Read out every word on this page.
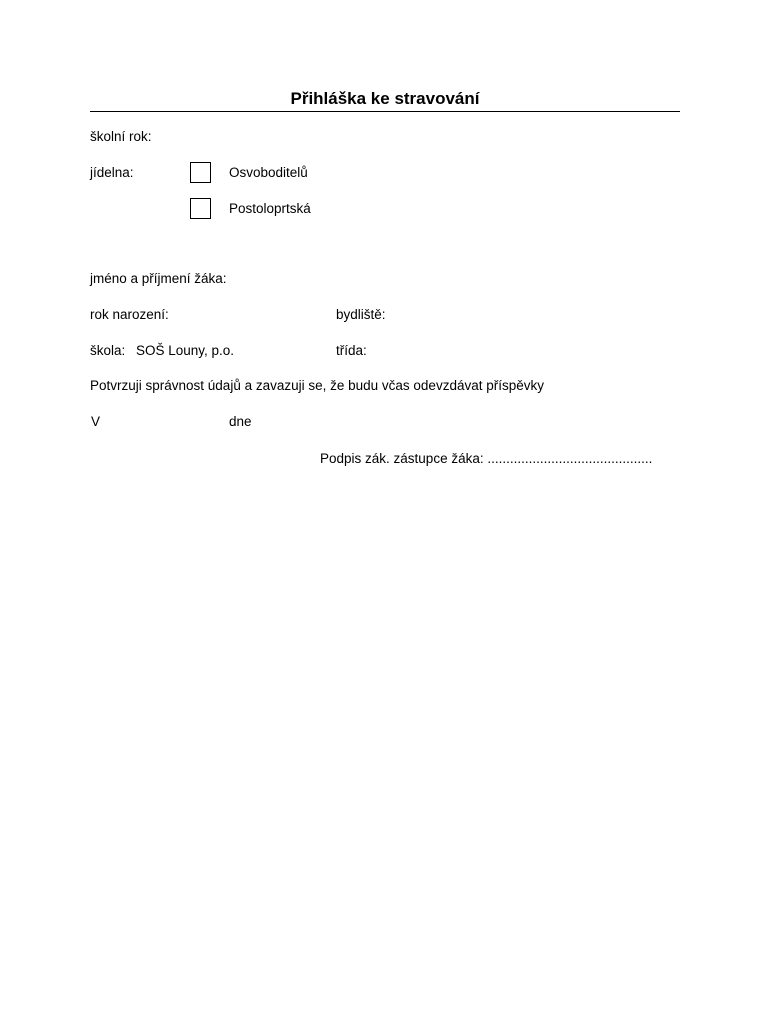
Přihláška ke stravování
školní rok:
jídelna:	Osvoboditelů
Postoloprtská
jméno a příjmení žáka:
rok narození:	bydliště:
škola: SOŠ Louny, p.o.	třída:
Potvrzuji správnost údajů a zavazuji se, že budu včas odevzdávat příspěvky
V	dne
Podpis zák. zástupce žáka: ............................................
